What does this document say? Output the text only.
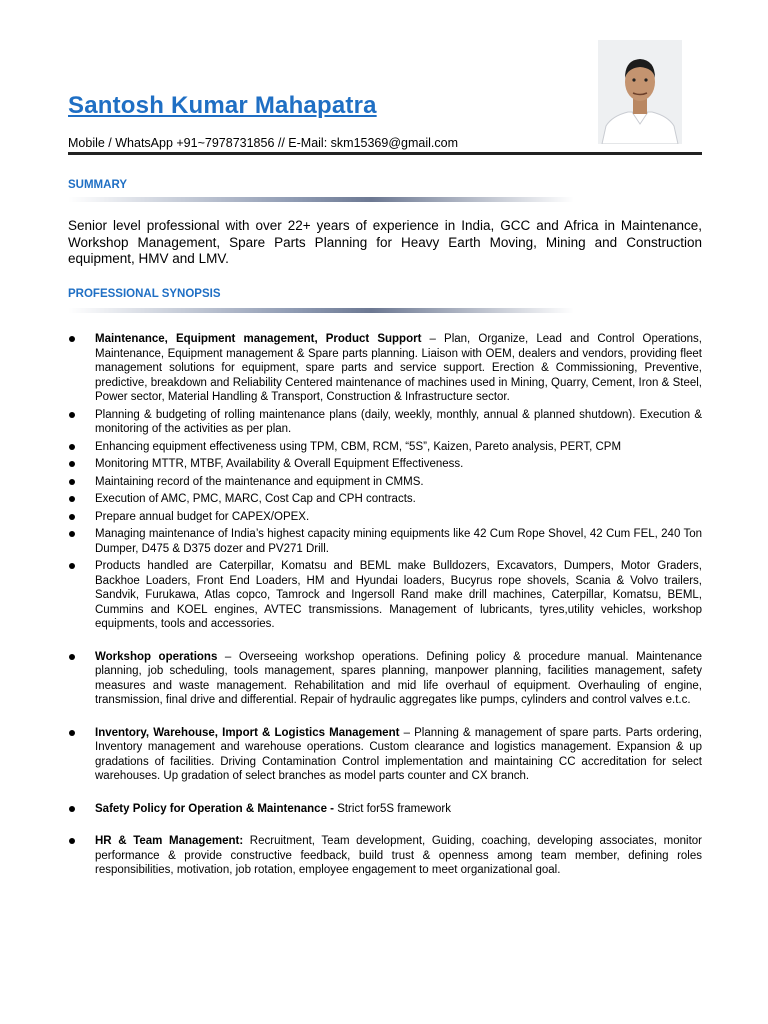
Santosh Kumar Mahapatra
Mobile / WhatsApp +91~7978731856 // E-Mail: skm15369@gmail.com
SUMMARY

Senior level professional with over 22+ years of experience in India, GCC and Africa in Maintenance, Workshop Management, Spare Parts Planning for Heavy Earth Moving, Mining and Construction equipment, HMV and LMV.

PROFESSIONAL SYNOPSIS
Maintenance, Equipment management, Product Support – Plan, Organize, Lead and Control Operations, Maintenance, Equipment management & Spare parts planning. Liaison with OEM, dealers and vendors, providing fleet management solutions for equipment, spare parts and service support. Erection & Commissioning, Preventive, predictive, breakdown and Reliability Centered maintenance of machines used in Mining, Quarry, Cement, Iron & Steel, Power sector, Material Handling & Transport, Construction & Infrastructure sector.
Planning & budgeting of rolling maintenance plans (daily, weekly, monthly, annual & planned shutdown). Execution & monitoring of the activities as per plan.
Enhancing equipment effectiveness using TPM, CBM, RCM, “5S”, Kaizen, Pareto analysis, PERT, CPM
Monitoring MTTR, MTBF, Availability & Overall Equipment Effectiveness.
Maintaining record of the maintenance and equipment in CMMS.
Execution of AMC, PMC, MARC, Cost Cap and CPH contracts.
Prepare annual budget for CAPEX/OPEX.
Managing maintenance of India’s highest capacity mining equipments like 42 Cum Rope Shovel, 42 Cum FEL, 240 Ton Dumper, D475 & D375 dozer and PV271 Drill.
Products handled are Caterpillar, Komatsu and BEML make Bulldozers, Excavators, Dumpers, Motor Graders, Backhoe Loaders, Front End Loaders, HM and Hyundai loaders, Bucyrus rope shovels, Scania & Volvo trailers, Sandvik, Furukawa, Atlas copco, Tamrock and Ingersoll Rand make drill machines, Caterpillar, Komatsu, BEML, Cummins and KOEL engines, AVTEC transmissions. Management of lubricants, tyres,utility vehicles, workshop equipments, tools and accessories.
Workshop operations – Overseeing workshop operations. Defining policy & procedure manual. Maintenance planning, job scheduling, tools management, spares planning, manpower planning, facilities management, safety measures and waste management. Rehabilitation and mid life overhaul of equipment. Overhauling of engine, transmission, final drive and differential. Repair of hydraulic aggregates like pumps, cylinders and control valves e.t.c.
Inventory, Warehouse, Import & Logistics Management – Planning & management of spare parts. Parts ordering, Inventory management and warehouse operations. Custom clearance and logistics management. Expansion & up gradations of facilities. Driving Contamination Control implementation and maintaining CC accreditation for select warehouses. Up gradation of select branches as model parts counter and CX branch.
Safety Policy for Operation & Maintenance - Strict for5S framework
HR & Team Management: Recruitment, Team development, Guiding, coaching, developing associates, monitor performance & provide constructive feedback, build trust & openness among team member, defining roles responsibilities, motivation, job rotation, employee engagement to meet organizational goal.
